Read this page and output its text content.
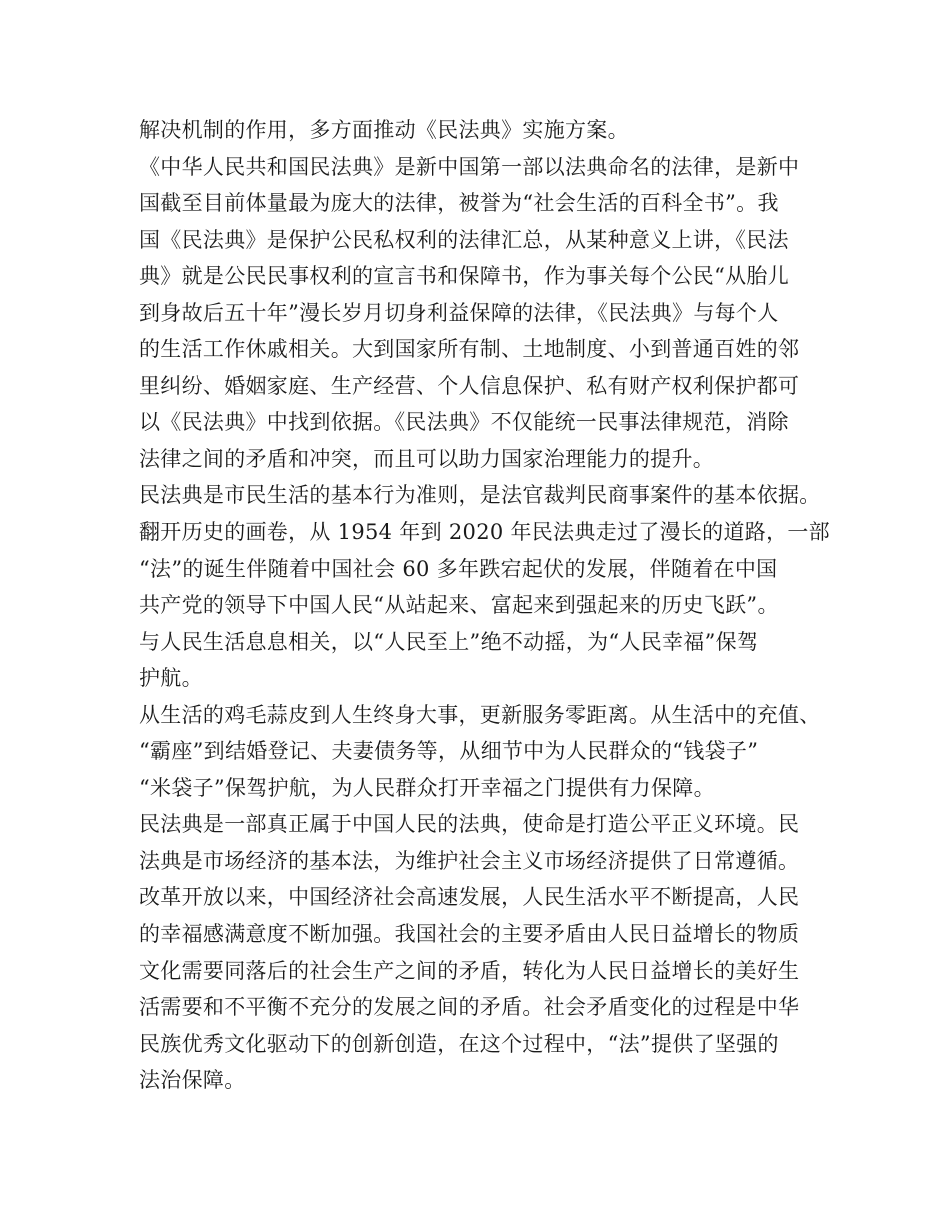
解决机制的作用，多方面推动《民法典》实施方案。
《中华人民共和国民法典》是新中国第一部以法典命名的法律，是新中
国截至目前体量最为庞大的法律，被誉为“社会生活的百科全书”。我
国《民法典》是保护公民私权利的法律汇总，从某种意义上讲，《民法
典》就是公民民事权利的宣言书和保障书，作为事关每个公民“从胎儿
到身故后五十年”漫长岁月切身利益保障的法律，《民法典》与每个人
的生活工作休戚相关。大到国家所有制、土地制度、小到普通百姓的邻
里纠纷、婚姻家庭、生产经营、个人信息保护、私有财产权利保护都可
以《民法典》中找到依据。《民法典》不仅能统一民事法律规范，消除
法律之间的矛盾和冲突，而且可以助力国家治理能力的提升。
民法典是市民生活的基本行为准则，是法官裁判民商事案件的基本依据。
翻开历史的画卷，从 1954 年到 2020 年民法典走过了漫长的道路，一部
“法”的诞生伴随着中国社会 60 多年跌宕起伏的发展，伴随着在中国
共产党的领导下中国人民“从站起来、富起来到强起来的历史飞跃”。
与人民生活息息相关，以“人民至上”绝不动摇，为“人民幸福”保驾
护航。
从生活的鸡毛蒜皮到人生终身大事，更新服务零距离。从生活中的充值、
“霸座”到结婚登记、夫妻债务等，从细节中为人民群众的“钱袋子”
“米袋子”保驾护航，为人民群众打开幸福之门提供有力保障。
民法典是一部真正属于中国人民的法典，使命是打造公平正义环境。民
法典是市场经济的基本法，为维护社会主义市场经济提供了日常遵循。
改革开放以来，中国经济社会高速发展，人民生活水平不断提高，人民
的幸福感满意度不断加强。我国社会的主要矛盾由人民日益增长的物质
文化需要同落后的社会生产之间的矛盾，转化为人民日益增长的美好生
活需要和不平衡不充分的发展之间的矛盾。社会矛盾变化的过程是中华
民族优秀文化驱动下的创新创造，在这个过程中，“法”提供了坚强的
法治保障。
